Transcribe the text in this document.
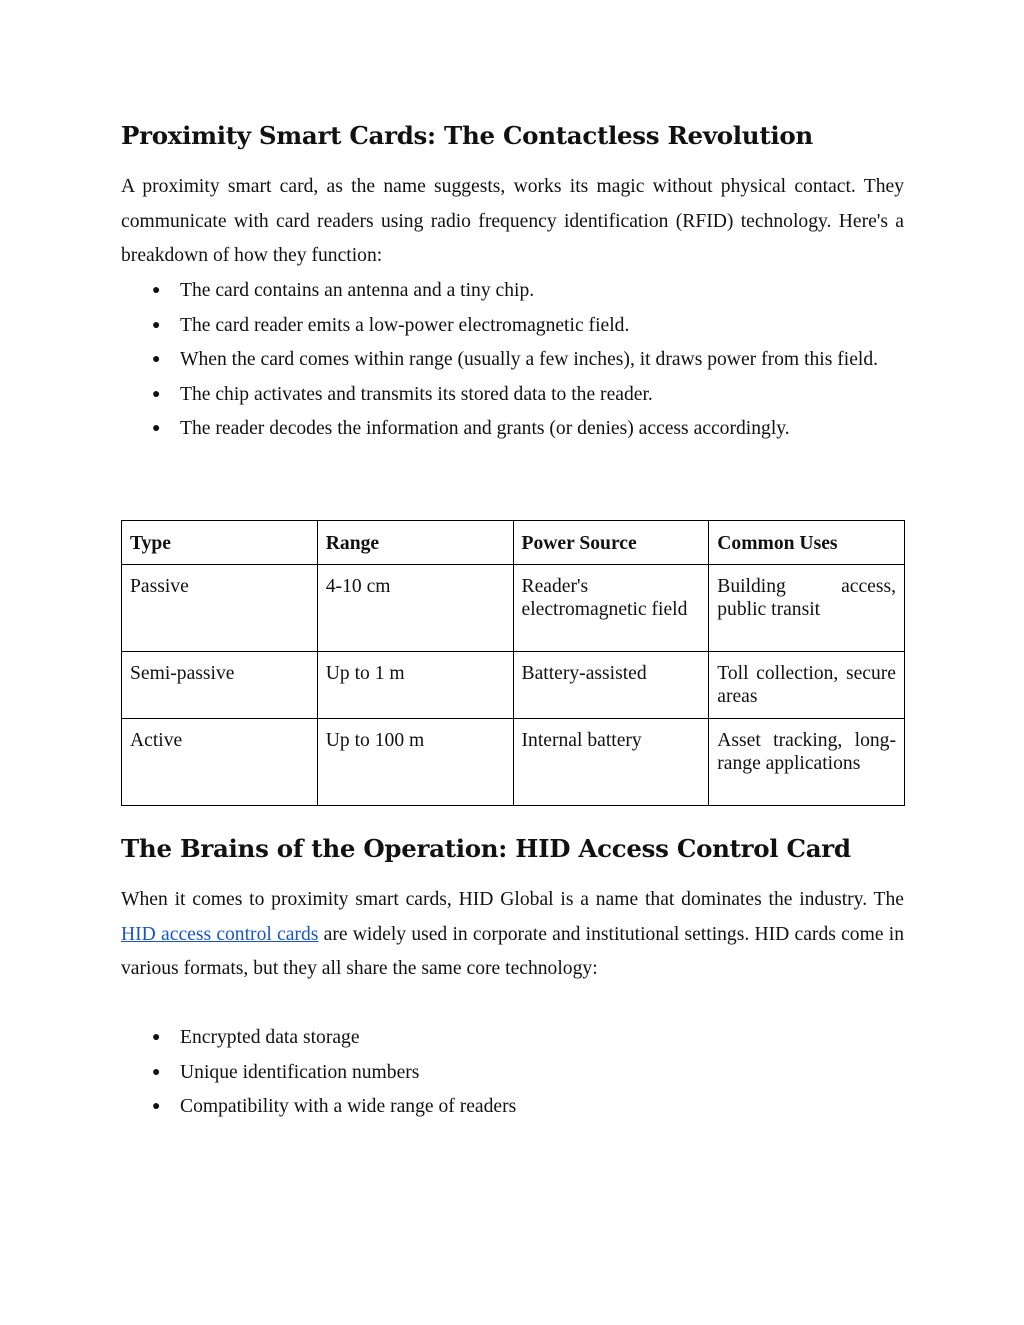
Proximity Smart Cards: The Contactless Revolution

A proximity smart card, as the name suggests, works its magic without physical contact. They communicate with card readers using radio frequency identification (RFID) technology. Here's a breakdown of how they function:

● The card contains an antenna and a tiny chip.
● The card reader emits a low-power electromagnetic field.
● When the card comes within range (usually a few inches), it draws power from this field.
● The chip activates and transmits its stored data to the reader.
● The reader decodes the information and grants (or denies) access accordingly.
Type	Range	Power Source	Common Uses
Passive	4-10 cm	Reader's electromagnetic field	Building access, public transit
Semi-passive	Up to 1 m	Battery-assisted	Toll collection, secure areas
Active	Up to 100 m	Internal battery	Asset tracking, long-range applications
The Brains of the Operation: HID Access Control Card

When it comes to proximity smart cards, HID Global is a name that dominates the industry. The HID access control cards are widely used in corporate and institutional settings. HID cards come in various formats, but they all share the same core technology:

● Encrypted data storage
● Unique identification numbers
● Compatibility with a wide range of readers
